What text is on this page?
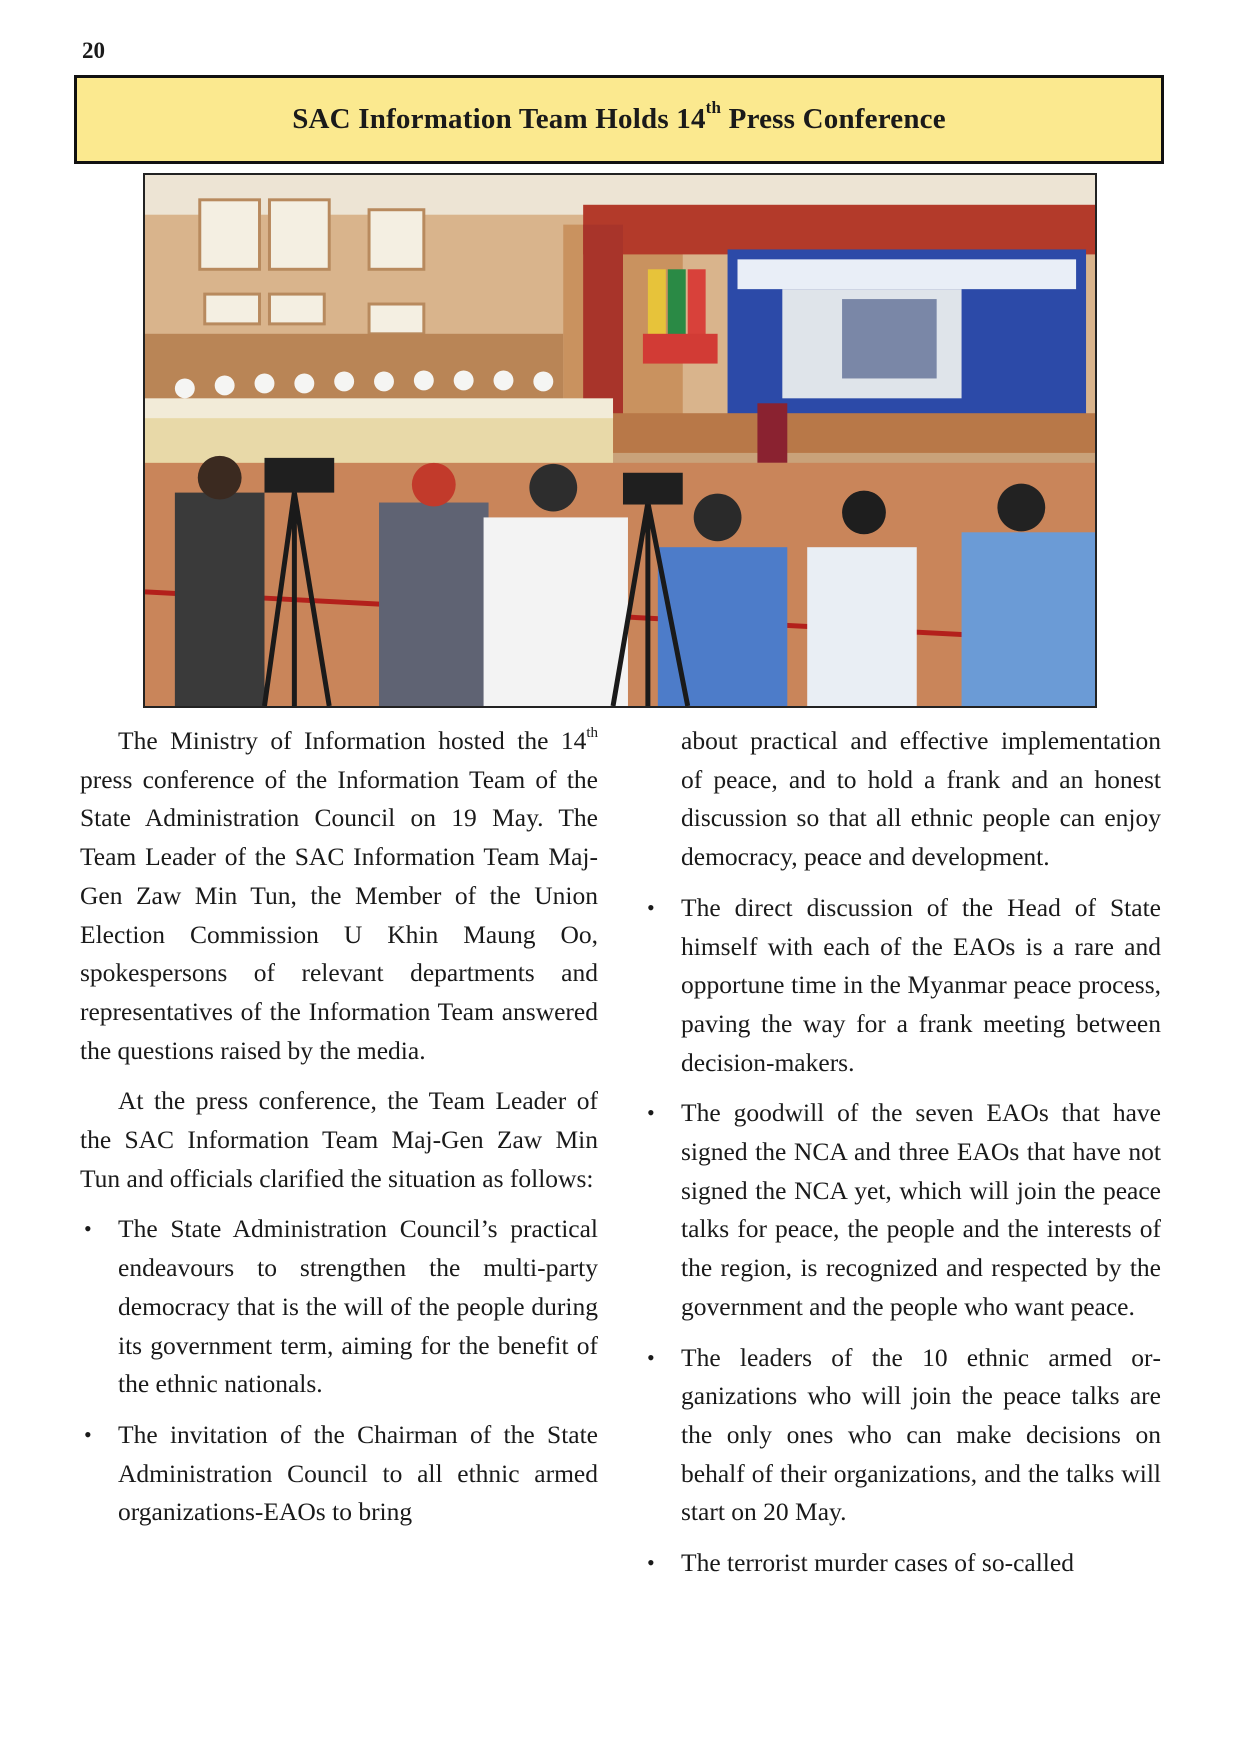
20
SAC Information Team Holds 14th Press Conference

The Ministry of Information hosted the 14th press conference of the Information Team of the State Administration Council on 19 May. The Team Leader of the SAC Information Team Maj-Gen Zaw Min Tun, the Member of the Union Election Commission U Khin Maung Oo, spokespersons of relevant departments and representatives of the Information Team answered the questions raised by the media.

At the press conference, the Team Leader of the SAC Information Team Maj-Gen Zaw Min Tun and officials clarified the situation as follows:

• The State Administration Council’s practical endeavours to strengthen the multi-party democracy that is the will of the people during its government term, aiming for the benefit of the ethnic nationals.
• The invitation of the Chairman of the State Administration Council to all ethnic armed organizations-EAOs to bring
about practical and effective implementation of peace, and to hold a frank and an honest discussion so that all ethnic people can enjoy democracy, peace and development.
• The direct discussion of the Head of State himself with each of the EAOs is a rare and opportune time in the Myanmar peace process, paving the way for a frank meeting between decision-makers.
• The goodwill of the seven EAOs that have signed the NCA and three EAOs that have not signed the NCA yet, which will join the peace talks for peace, the people and the interests of the region, is recognized and respected by the government and the people who want peace.
• The leaders of the 10 ethnic armed organizations who will join the peace talks are the only ones who can make decisions on behalf of their organizations, and the talks will start on 20 May.
• The terrorist murder cases of so-called
